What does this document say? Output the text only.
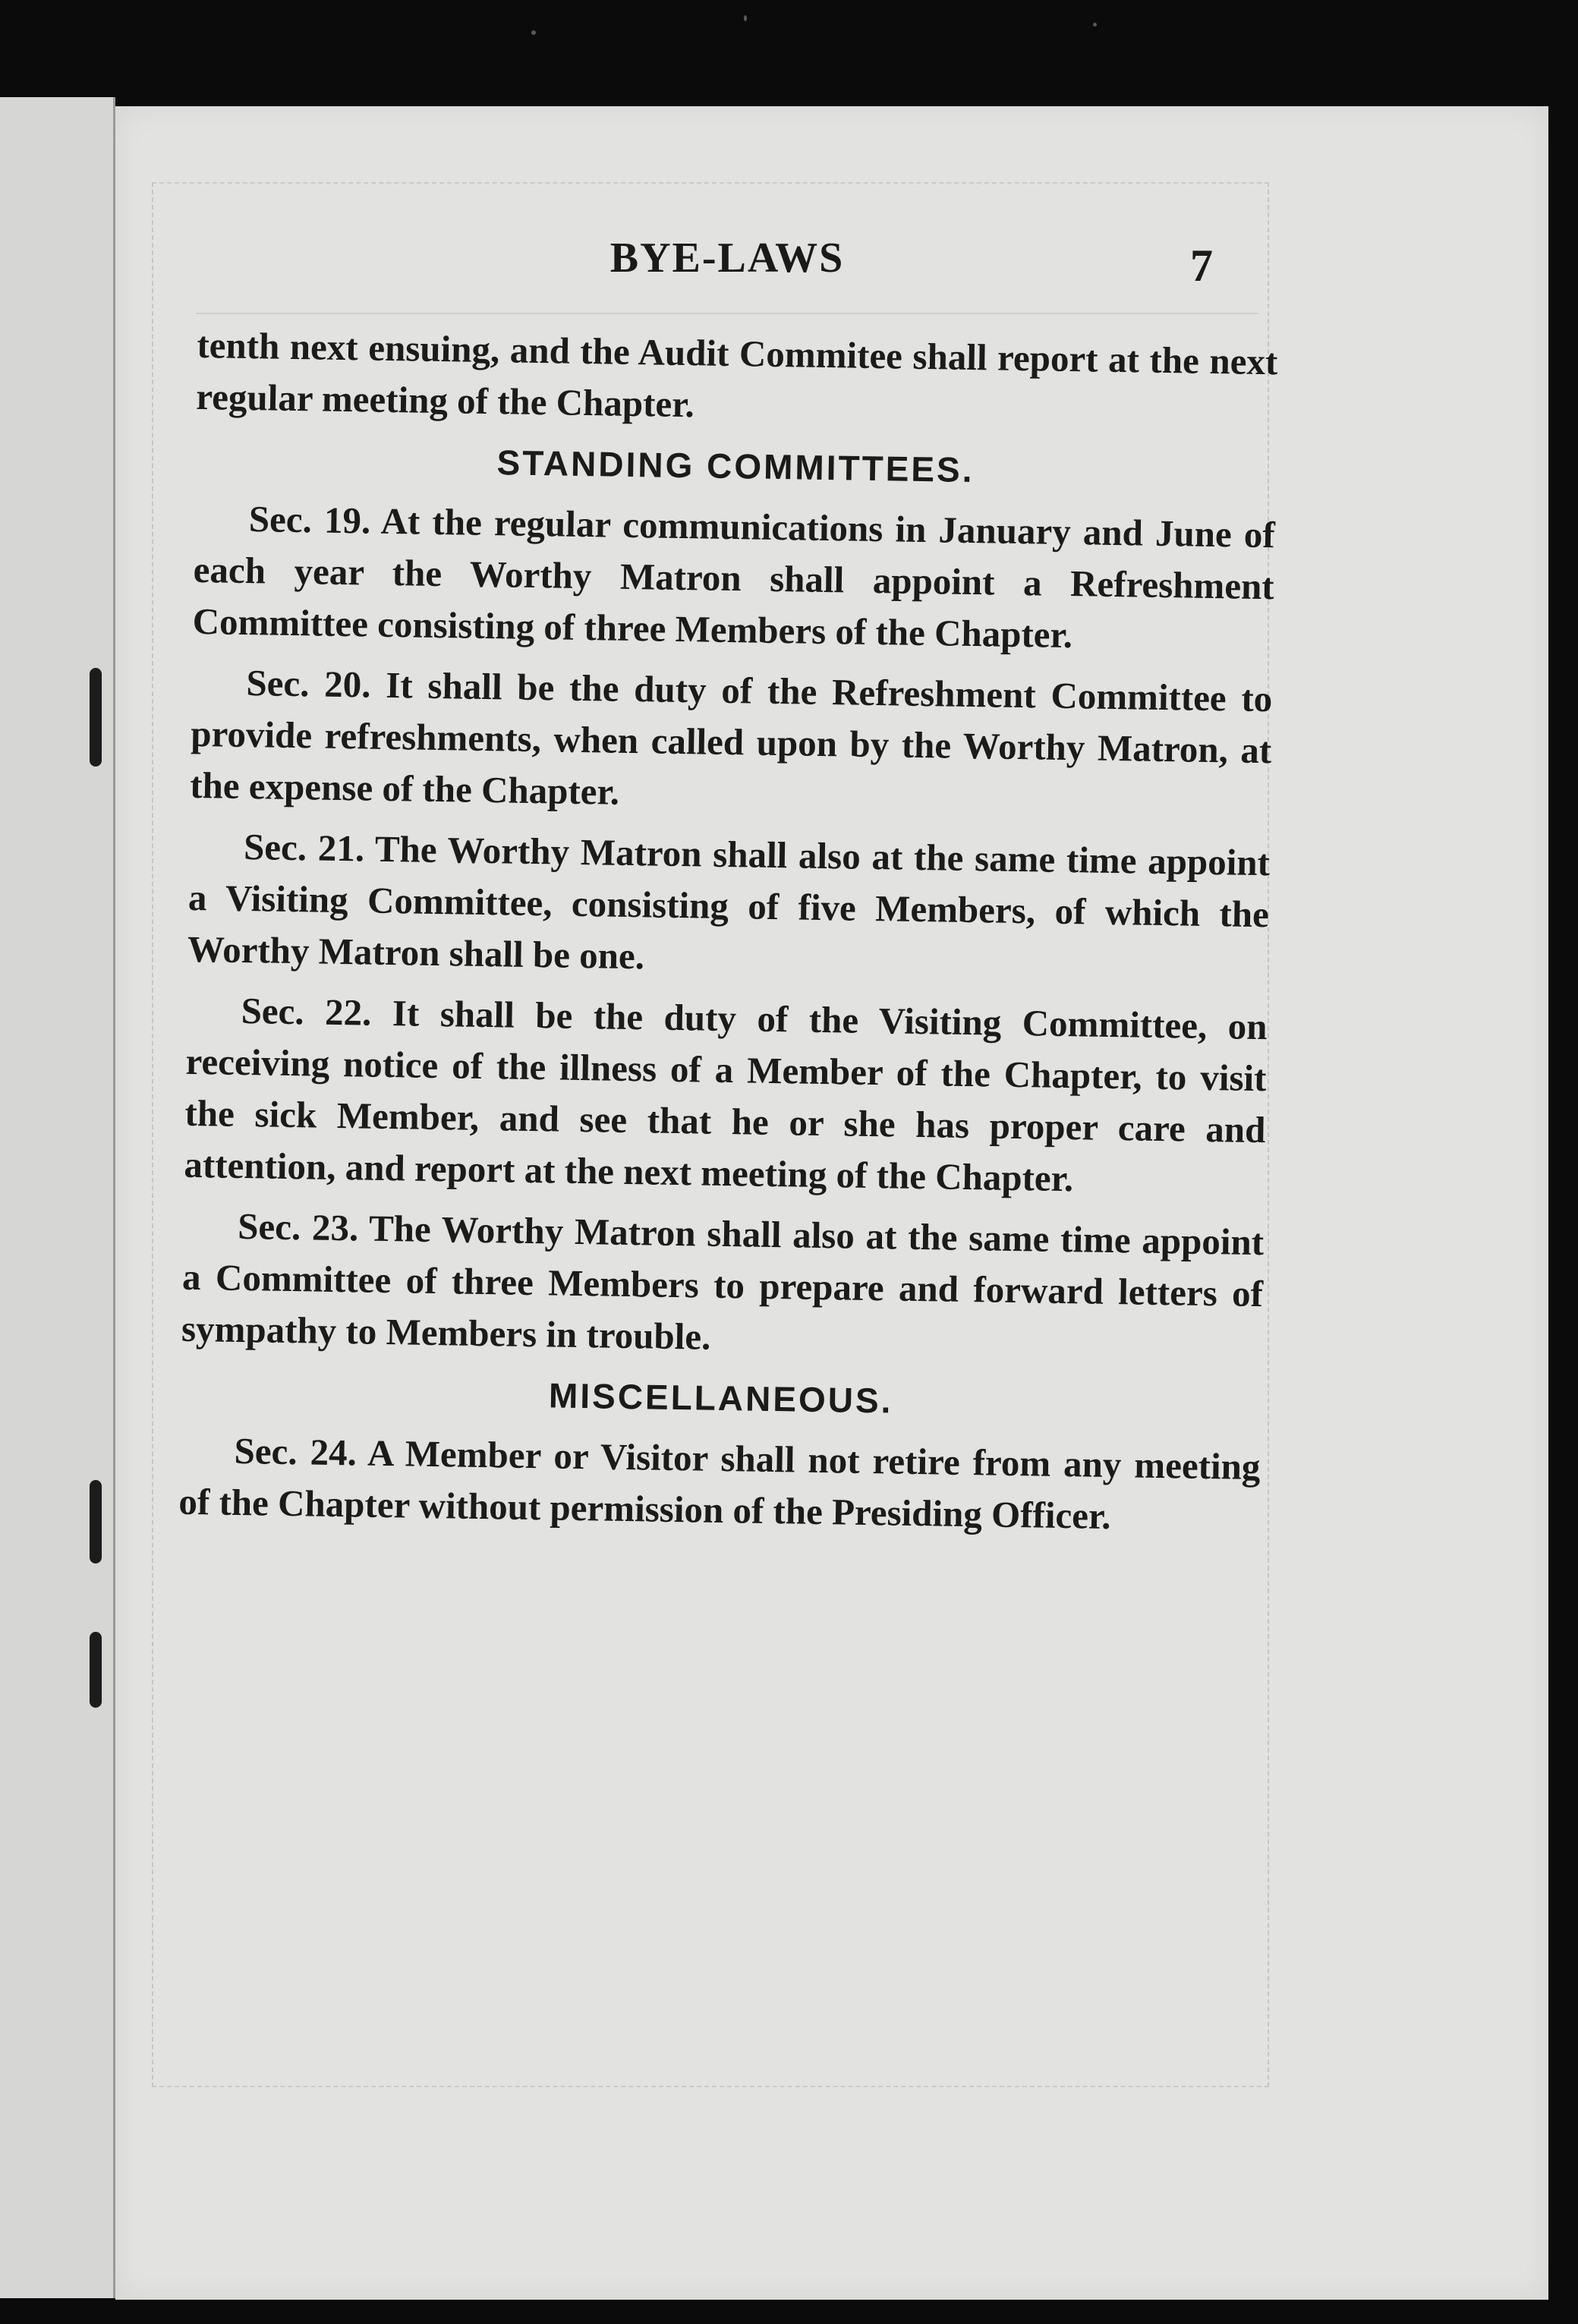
BYE-LAWS	7

tenth next ensuing, and the Audit Commitee shall report at the next regular meeting of the Chapter.

STANDING COMMITTEES.

Sec. 19. At the regular communications in January and June of each year the Worthy Matron shall appoint a Refreshment Committee consisting of three Members of the Chapter.

Sec. 20. It shall be the duty of the Refreshment Committee to provide refreshments, when called upon by the Worthy Matron, at the expense of the Chapter.

Sec. 21. The Worthy Matron shall also at the same time appoint a Visiting Committee, consisting of five Members, of which the Worthy Matron shall be one.

Sec. 22. It shall be the duty of the Visiting Committee, on receiving notice of the illness of a Member of the Chapter, to visit the sick Member, and see that he or she has proper care and attention, and report at the next meeting of the Chapter.

Sec. 23. The Worthy Matron shall also at the same time appoint a Committee of three Members to prepare and forward letters of sympathy to Members in trouble.

MISCELLANEOUS.

Sec. 24. A Member or Visitor shall not retire from any meeting of the Chapter without permission of the Presiding Officer.
